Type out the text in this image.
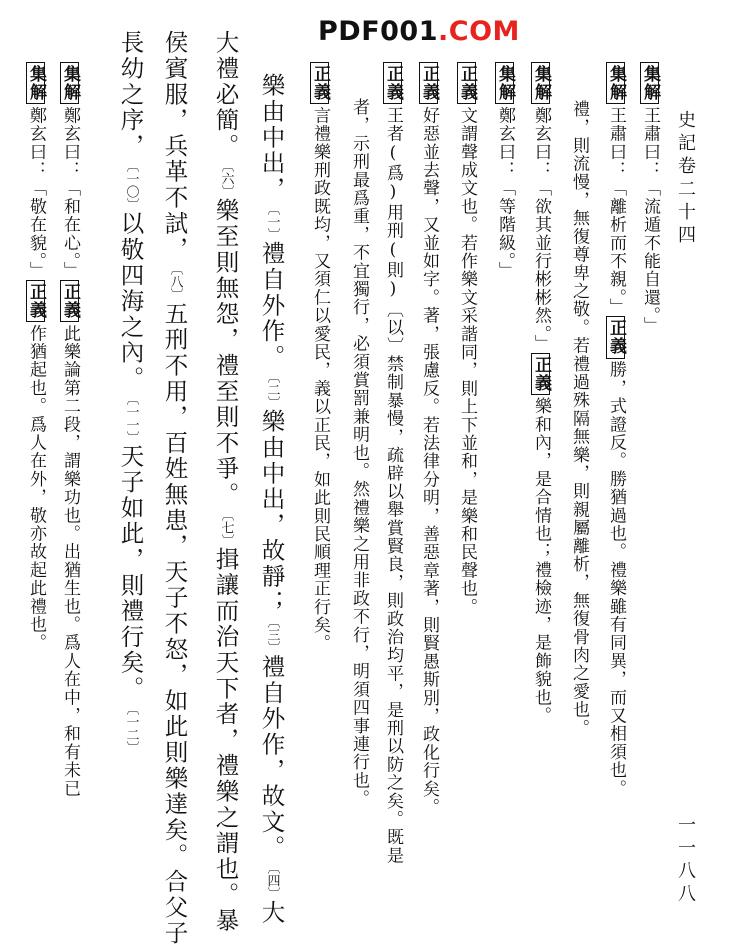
PDF001.COM
史記卷二十四
一一八八
集解王肅曰：「流遁不能自還。」
集解王肅曰：「離析而不親。」正義勝，式證反。勝猶過也。禮樂雖有同異，而又相須也。
禮，則流慢，無復尊卑之敬。若禮過殊隔無樂，則親屬離析，無復骨肉之愛也。
集解鄭玄曰：「欲其並行彬彬然。」正義樂和內，是合情也；禮檢迹，是飾貌也。
集解鄭玄曰：「等階級。」
正義文謂聲成文也。若作樂文采諧同，則上下並和，是樂和民聲也。
正義好惡並去聲，又並如字。著，張慮反。若法律分明，善惡章著，則賢愚斯別，政化行矣。
正義王者(爲)用刑(則)〔以〕禁制暴慢，疏辟以舉賞賢良，則政治均平，是刑以防之矣。既是
者，示刑最爲重，不宜獨行，必須賞罰兼明也。然禮樂之用非政不行，明須四事連行也。
正義言禮樂刑政既均，又須仁以愛民，義以正民，如此則民順理正行矣。
樂由中出，〔一〕禮自外作。〔二〕樂由中出，故靜；〔三〕禮自外作，故文。〔四〕大
大禮必簡。〔六〕樂至則無怨，禮至則不爭。〔七〕揖讓而治天下者，禮樂之謂也。暴
侯賓服，兵革不試，〔八〕五刑不用，百姓無患，天子不怒，如此則樂達矣。合父子
長幼之序，〔一〇〕以敬四海之內。〔一一〕天子如此，則禮行矣。〔一二〕
集解鄭玄曰：「和在心。」正義此樂論第二段，謂樂功也。出猶生也。爲人在中，和有未已
集解鄭玄曰：「敬在貌。」正義作猶起也。爲人在外，敬亦故起此禮也。
